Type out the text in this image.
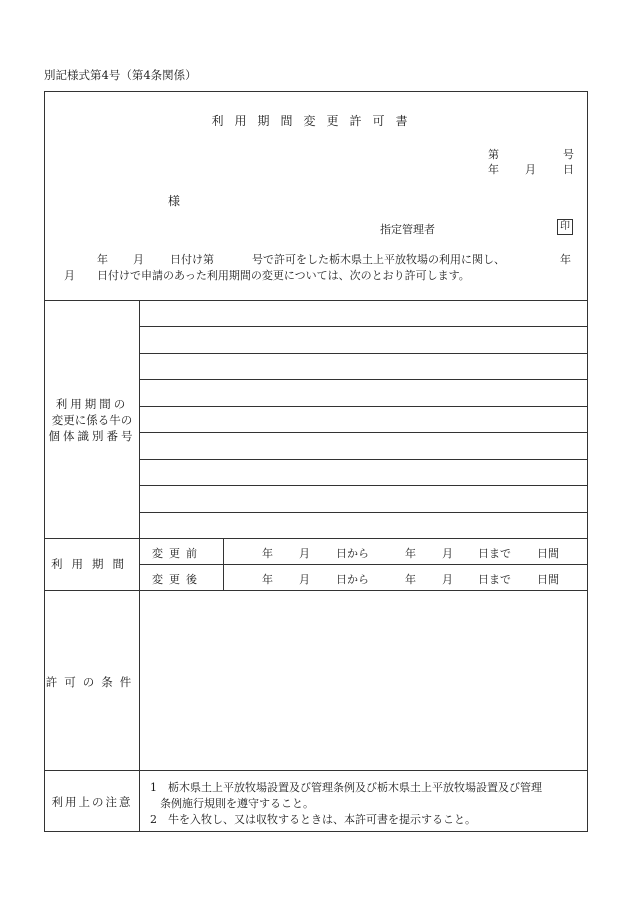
別記様式第4号（第4条関係）
利用期間変更許可書
第	号
年 月 日
様
指定管理者	印
年 月 日付け第	号で許可をした栃木県土上平放牧場の利用に関し、	年
月 日付けで申請のあった利用期間の変更については、次のとおり許可します。
利用期間の
変更に係る牛の
個体識別番号
利用期間
変更前	年 月 日から	年 月 日まで 日間
変更後	年 月 日から	年 月 日まで 日間
許可の条件
利用上の注意
1　栃木県土上平放牧場設置及び管理条例及び栃木県土上平放牧場設置及び管理
条例施行規則を遵守すること。
2　牛を入牧し、又は収牧するときは、本許可書を提示すること。
